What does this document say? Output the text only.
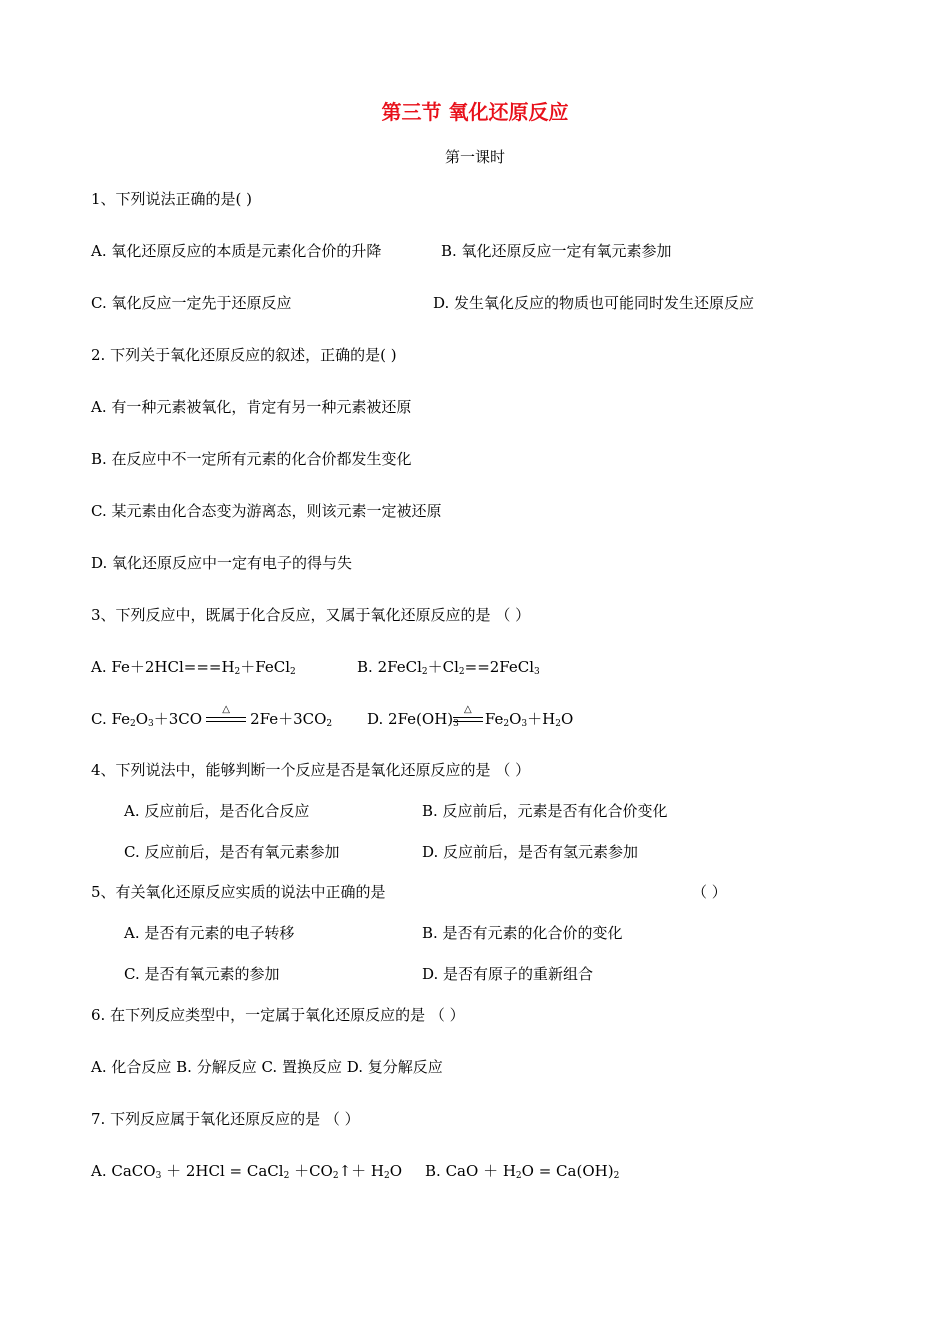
第三节 氧化还原反应
第一课时
1、下列说法正确的是( )
A. 氧化还原反应的本质是元素化合价的升降	B. 氧化还原反应一定有氧元素参加
C. 氧化反应一定先于还原反应	D. 发生氧化反应的物质也可能同时发生还原反应
2. 下列关于氧化还原反应的叙述，正确的是( )
A. 有一种元素被氧化，肯定有另一种元素被还原
B. 在反应中不一定所有元素的化合价都发生变化
C. 某元素由化合态变为游离态，则该元素一定被还原
D. 氧化还原反应中一定有电子的得与失
3、下列反应中，既属于化合反应，又属于氧化还原反应的是 （ ）
A. $Fe+2HCl===H_2+FeCl_2$	B. $2FeCl_2+Cl_2==2FeCl_3$
C. $Fe_2O_3+3CO$
△
$2Fe+3CO_2$ D. $2Fe(OH)_3$
△
$Fe_2O_3+H_2O$
4、下列说法中，能够判断一个反应是否是氧化还原反应的是 （ ）
A. 反应前后，是否化合反应	B. 反应前后，元素是否有化合价变化
C. 反应前后，是否有氧元素参加	D. 反应前后，是否有氢元素参加
5、有关氧化还原反应实质的说法中正确的是	（ ）
A. 是否有元素的电子转移	B. 是否有元素的化合价的变化
C. 是否有氧元素的参加	D. 是否有原子的重新组合
6. 在下列反应类型中，一定属于氧化还原反应的是 （ ）
A. 化合反应 B. 分解反应 C. 置换反应 D. 复分解反应
7. 下列反应属于氧化还原反应的是 （ ）
A. CaCO$_3$ ＋ 2HCl = CaCl$_2$ $+CO_2↑+ H_2O$ B. CaO ＋ $H_2O = Ca(OH)_2$
